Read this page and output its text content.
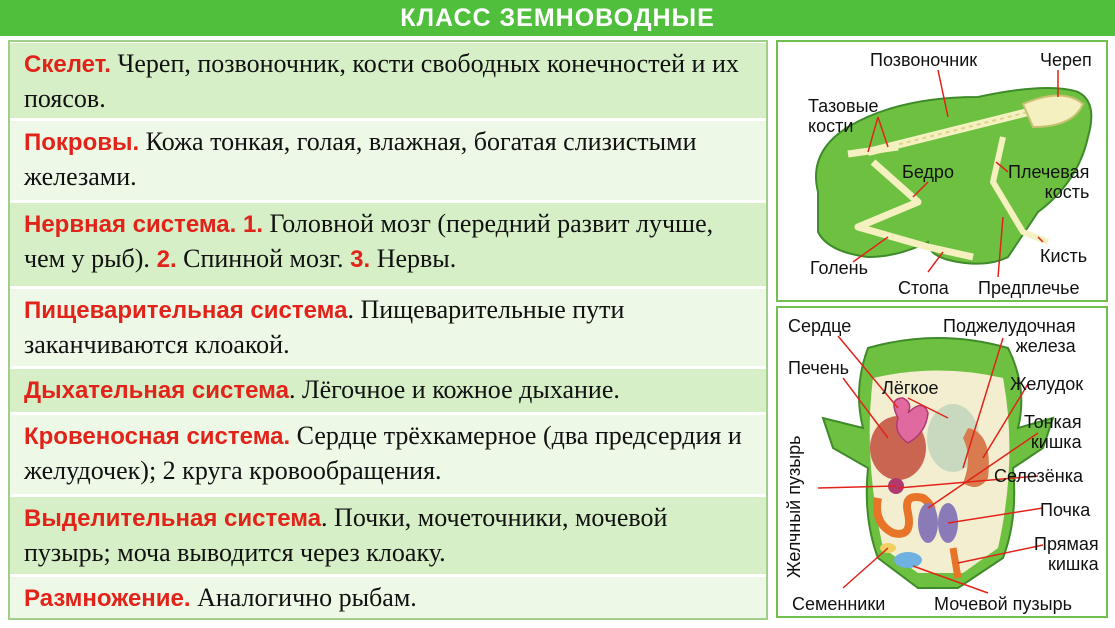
КЛАСС ЗЕМНОВОДНЫЕ
Скелет. Череп, позвоночник, кости свободных конечностей и их поясов.
Покровы. Кожа тонкая, голая, влажная, богатая слизистыми железами.
Нервная система. 1. Головной мозг (передний развит лучше, чем у рыб). 2. Спинной мозг. 3. Нервы.
Пищеварительная система. Пищеварительные пути заканчиваются клоакой.
Дыхательная система. Лёгочное и кожное дыхание.
Кровеносная система. Сердце трёхкамерное (два предсердия и желудочек); 2 круга кровообращения.
Выделительная система. Почки, мочеточники, мочевой пузырь; моча выводится через клоаку.
Размножение. Аналогично рыбам.
Позвоночник	Череп
Тазовые
кости
Бедро	Плечевая
кость
Кисть
Голень
Стопа Предплечье
Сердце	Поджелудочная
железа
Печень
Лёгкое	Желудок
Желчный пузырь
Тонкая
кишка
Селезёнка
Почка
Прямая
кишка
Семенники	Мочевой пузырь
